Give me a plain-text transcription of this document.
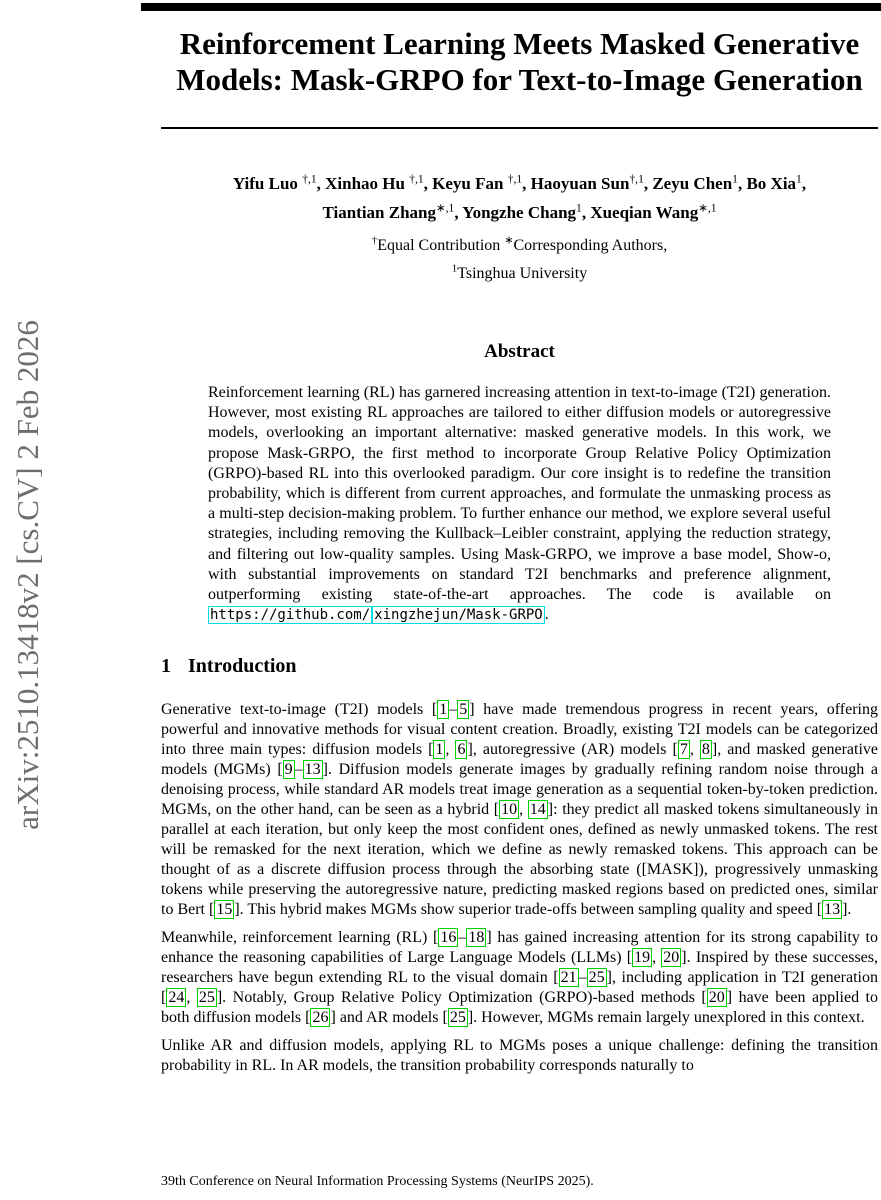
arXiv:2510.13418v2 [cs.CV] 2 Feb 2026
Reinforcement Learning Meets Masked Generative
Models: Mask-GRPO for Text-to-Image Generation
Yifu Luo $^{\dagger,1}$, Xinhao Hu $^{\dagger,1}$, Keyu Fan $^{\dagger,1}$, Haoyuan Sun$^{\dagger,1}$, Zeyu Chen$^1$, Bo Xia$^1$,
Tiantian Zhang$^{∗,1}$, Yongzhe Chang$^1$, Xueqian Wang$^{∗,1}$
†Equal Contribution ∗Corresponding Authors,
$^1$Tsinghua University
Abstract
Reinforcement learning (RL) has garnered increasing attention in text-to-image (T2I) generation. However, most existing RL approaches are tailored to either diffusion models or autoregressive models, overlooking an important alternative: masked generative models. In this work, we propose Mask-GRPO, the first method to incorporate Group Relative Policy Optimization (GRPO)-based RL into this overlooked paradigm. Our core insight is to redefine the transition probability, which is different from current approaches, and formulate the unmasking process as a multi-step decision-making problem. To further enhance our method, we explore several useful strategies, including removing the Kullback–Leibler constraint, applying the reduction strategy, and filtering out low-quality samples. Using Mask-GRPO, we improve a base model, Show-o, with substantial improvements on standard T2I benchmarks and preference alignment, outperforming existing state-of-the-art approaches. The code is available on https://github.com/ xingzhejun/Mask-GRPO .
1 Introduction

Generative text-to-image (T2I) models [ 1 – 5 ] have made tremendous progress in recent years, offering powerful and innovative methods for visual content creation. Broadly, existing T2I models can be categorized into three main types: diffusion models [ 1 , 6 ], autoregressive (AR) models [ 7 , 8 ], and masked generative models (MGMs) [ 9 – 13 ]. Diffusion models generate images by gradually refining random noise through a denoising process, while standard AR models treat image generation as a sequential token-by-token prediction. MGMs, on the other hand, can be seen as a hybrid [ 10 , 14 ]: they predict all masked tokens simultaneously in parallel at each iteration, but only keep the most confident ones, defined as newly unmasked tokens. The rest will be remasked for the next iteration, which we define as newly remasked tokens. This approach can be thought of as a discrete diffusion process through the absorbing state ([MASK]), progressively unmasking tokens while preserving the autoregressive nature, predicting masked regions based on predicted ones, similar to Bert [ 15 ]. This hybrid makes MGMs show superior trade-offs between sampling quality and speed [ 13 ].

Meanwhile, reinforcement learning (RL) [ 16 – 18 ] has gained increasing attention for its strong capability to enhance the reasoning capabilities of Large Language Models (LLMs) [ 19 , 20 ]. Inspired by these successes, researchers have begun extending RL to the visual domain [ 21 – 25 ], including application in T2I generation [ 24 , 25 ]. Notably, Group Relative Policy Optimization (GRPO)-based methods [ 20 ] have been applied to both diffusion models [ 26 ] and AR models [ 25 ]. However, MGMs remain largely unexplored in this context.

Unlike AR and diffusion models, applying RL to MGMs poses a unique challenge: defining the transition probability in RL. In AR models, the transition probability corresponds naturally to

39th Conference on Neural Information Processing Systems (NeurIPS 2025).
